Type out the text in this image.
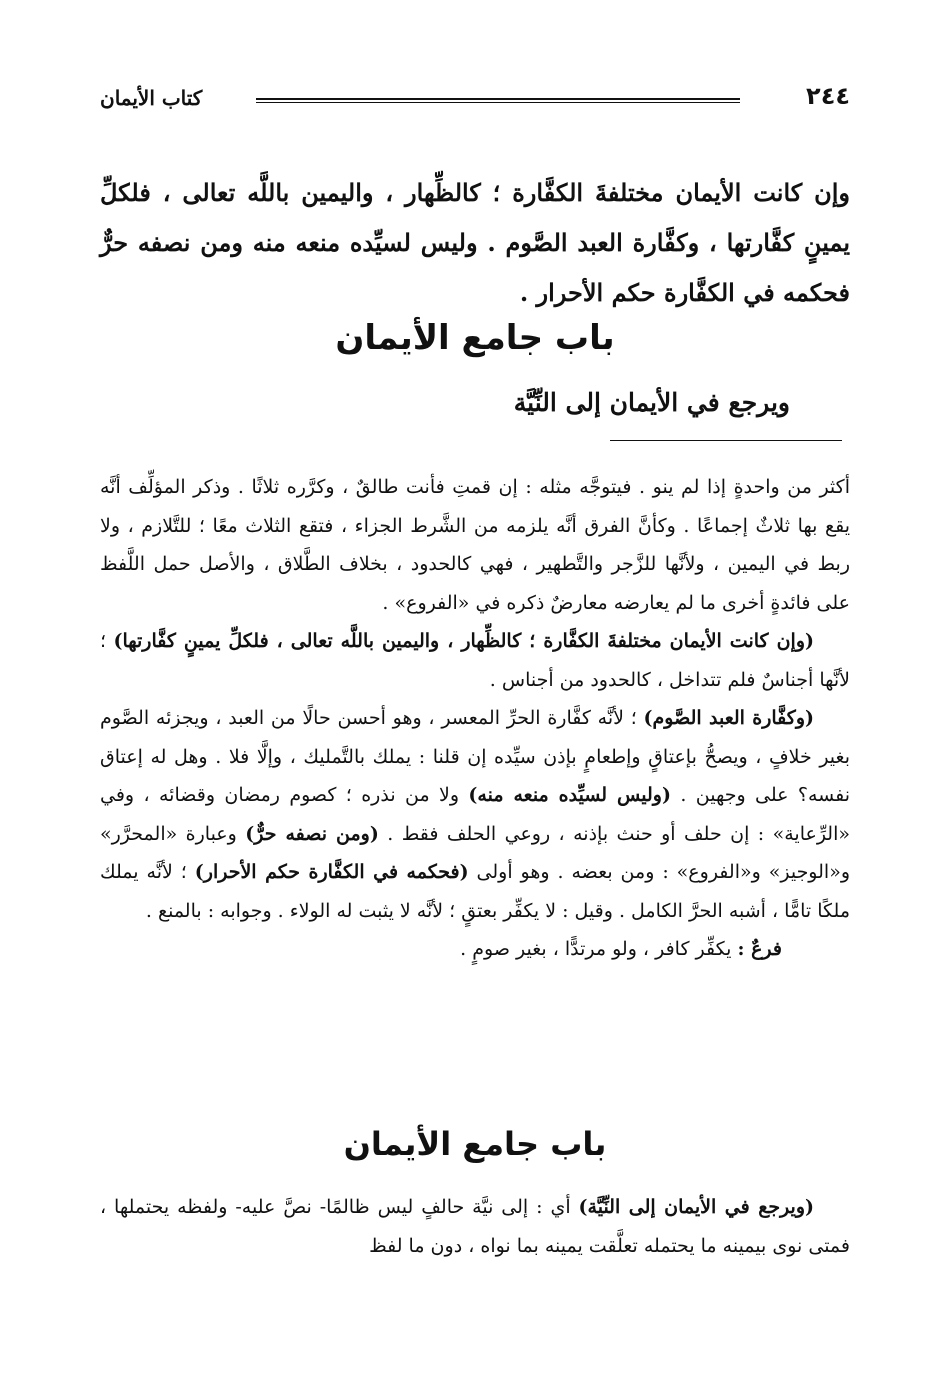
٢٤٤
كتاب الأيمان
وإن كانت الأيمان مختلفةَ الكفَّارة ؛ كالظِّهار ، واليمين باللَّه تعالى ، فلكلِّ يمينٍ كفَّارتها ، وكفَّارة العبد الصَّوم . وليس لسيِّده منعه منه ومن نصفه حرٌّ فحكمه في الكفَّارة حكم الأحرار .
باب جامع الأيمان
ويرجع في الأيمان إلى النِّيَّة

أكثر من واحدةٍ إذا لم ينو . فيتوجَّه مثله : إن قمتِ فأنت طالقٌ ، وكرَّره ثلاثًا . وذكر المؤلِّف أنَّه يقع بها ثلاثٌ إجماعًا . وكأنَّ الفرق أنَّه يلزمه من الشَّرط الجزاء ، فتقع الثلاث معًا ؛ للتَّلازم ، ولا ربط في اليمين ، ولأنَّها للزَّجر والتَّطهير ، فهي كالحدود ، بخلاف الطَّلاق ، والأصل حمل اللَّفظ على فائدةٍ أخرى ما لم يعارضه معارضٌ ذكره في «الفروع» .

(وإن كانت الأيمان مختلفةَ الكفَّارة ؛ كالظِّهار ، واليمين باللَّه تعالى ، فلكلِّ يمينٍ كفَّارتها) ؛ لأنَّها أجناسٌ فلم تتداخل ، كالحدود من أجناس .

(وكفَّارة العبد الصَّوم) ؛ لأنَّه كفَّارة الحرِّ المعسر ، وهو أحسن حالًا من العبد ، ويجزئه الصَّوم بغير خلافٍ ، ويصحُّ بإعتاقٍ وإطعامٍ بإذن سيِّده إن قلنا : يملك بالتَّمليك ، وإلَّا فلا . وهل له إعتاق نفسه؟ على وجهين . (وليس لسيِّده منعه منه) ولا من نذره ؛ كصوم رمضان وقضائه ، وفي «الرِّعاية» : إن حلف أو حنث بإذنه ، روعي الحلف فقط . (ومن نصفه حرٌّ) وعبارة «المحرَّر» و«الوجيز» و«الفروع» : ومن بعضه . وهو أولى (فحكمه في الكفَّارة حكم الأحرار) ؛ لأنَّه يملك ملكًا تامًّا ، أشبه الحرَّ الكامل . وقيل : لا يكفِّر بعتقٍ ؛ لأنَّه لا يثبت له الولاء . وجوابه : بالمنع .

فرعٌ : يكفِّر كافر ، ولو مرتدًّا ، بغير صومٍ .

باب جامع الأيمان

(ويرجع في الأيمان إلى النِّيَّة) أي : إلى نيَّة حالفٍ ليس ظالمًا- نصَّ عليه- ولفظه يحتملها ، فمتى نوى بيمينه ما يحتمله تعلَّقت يمينه بما نواه ، دون ما لفظ
